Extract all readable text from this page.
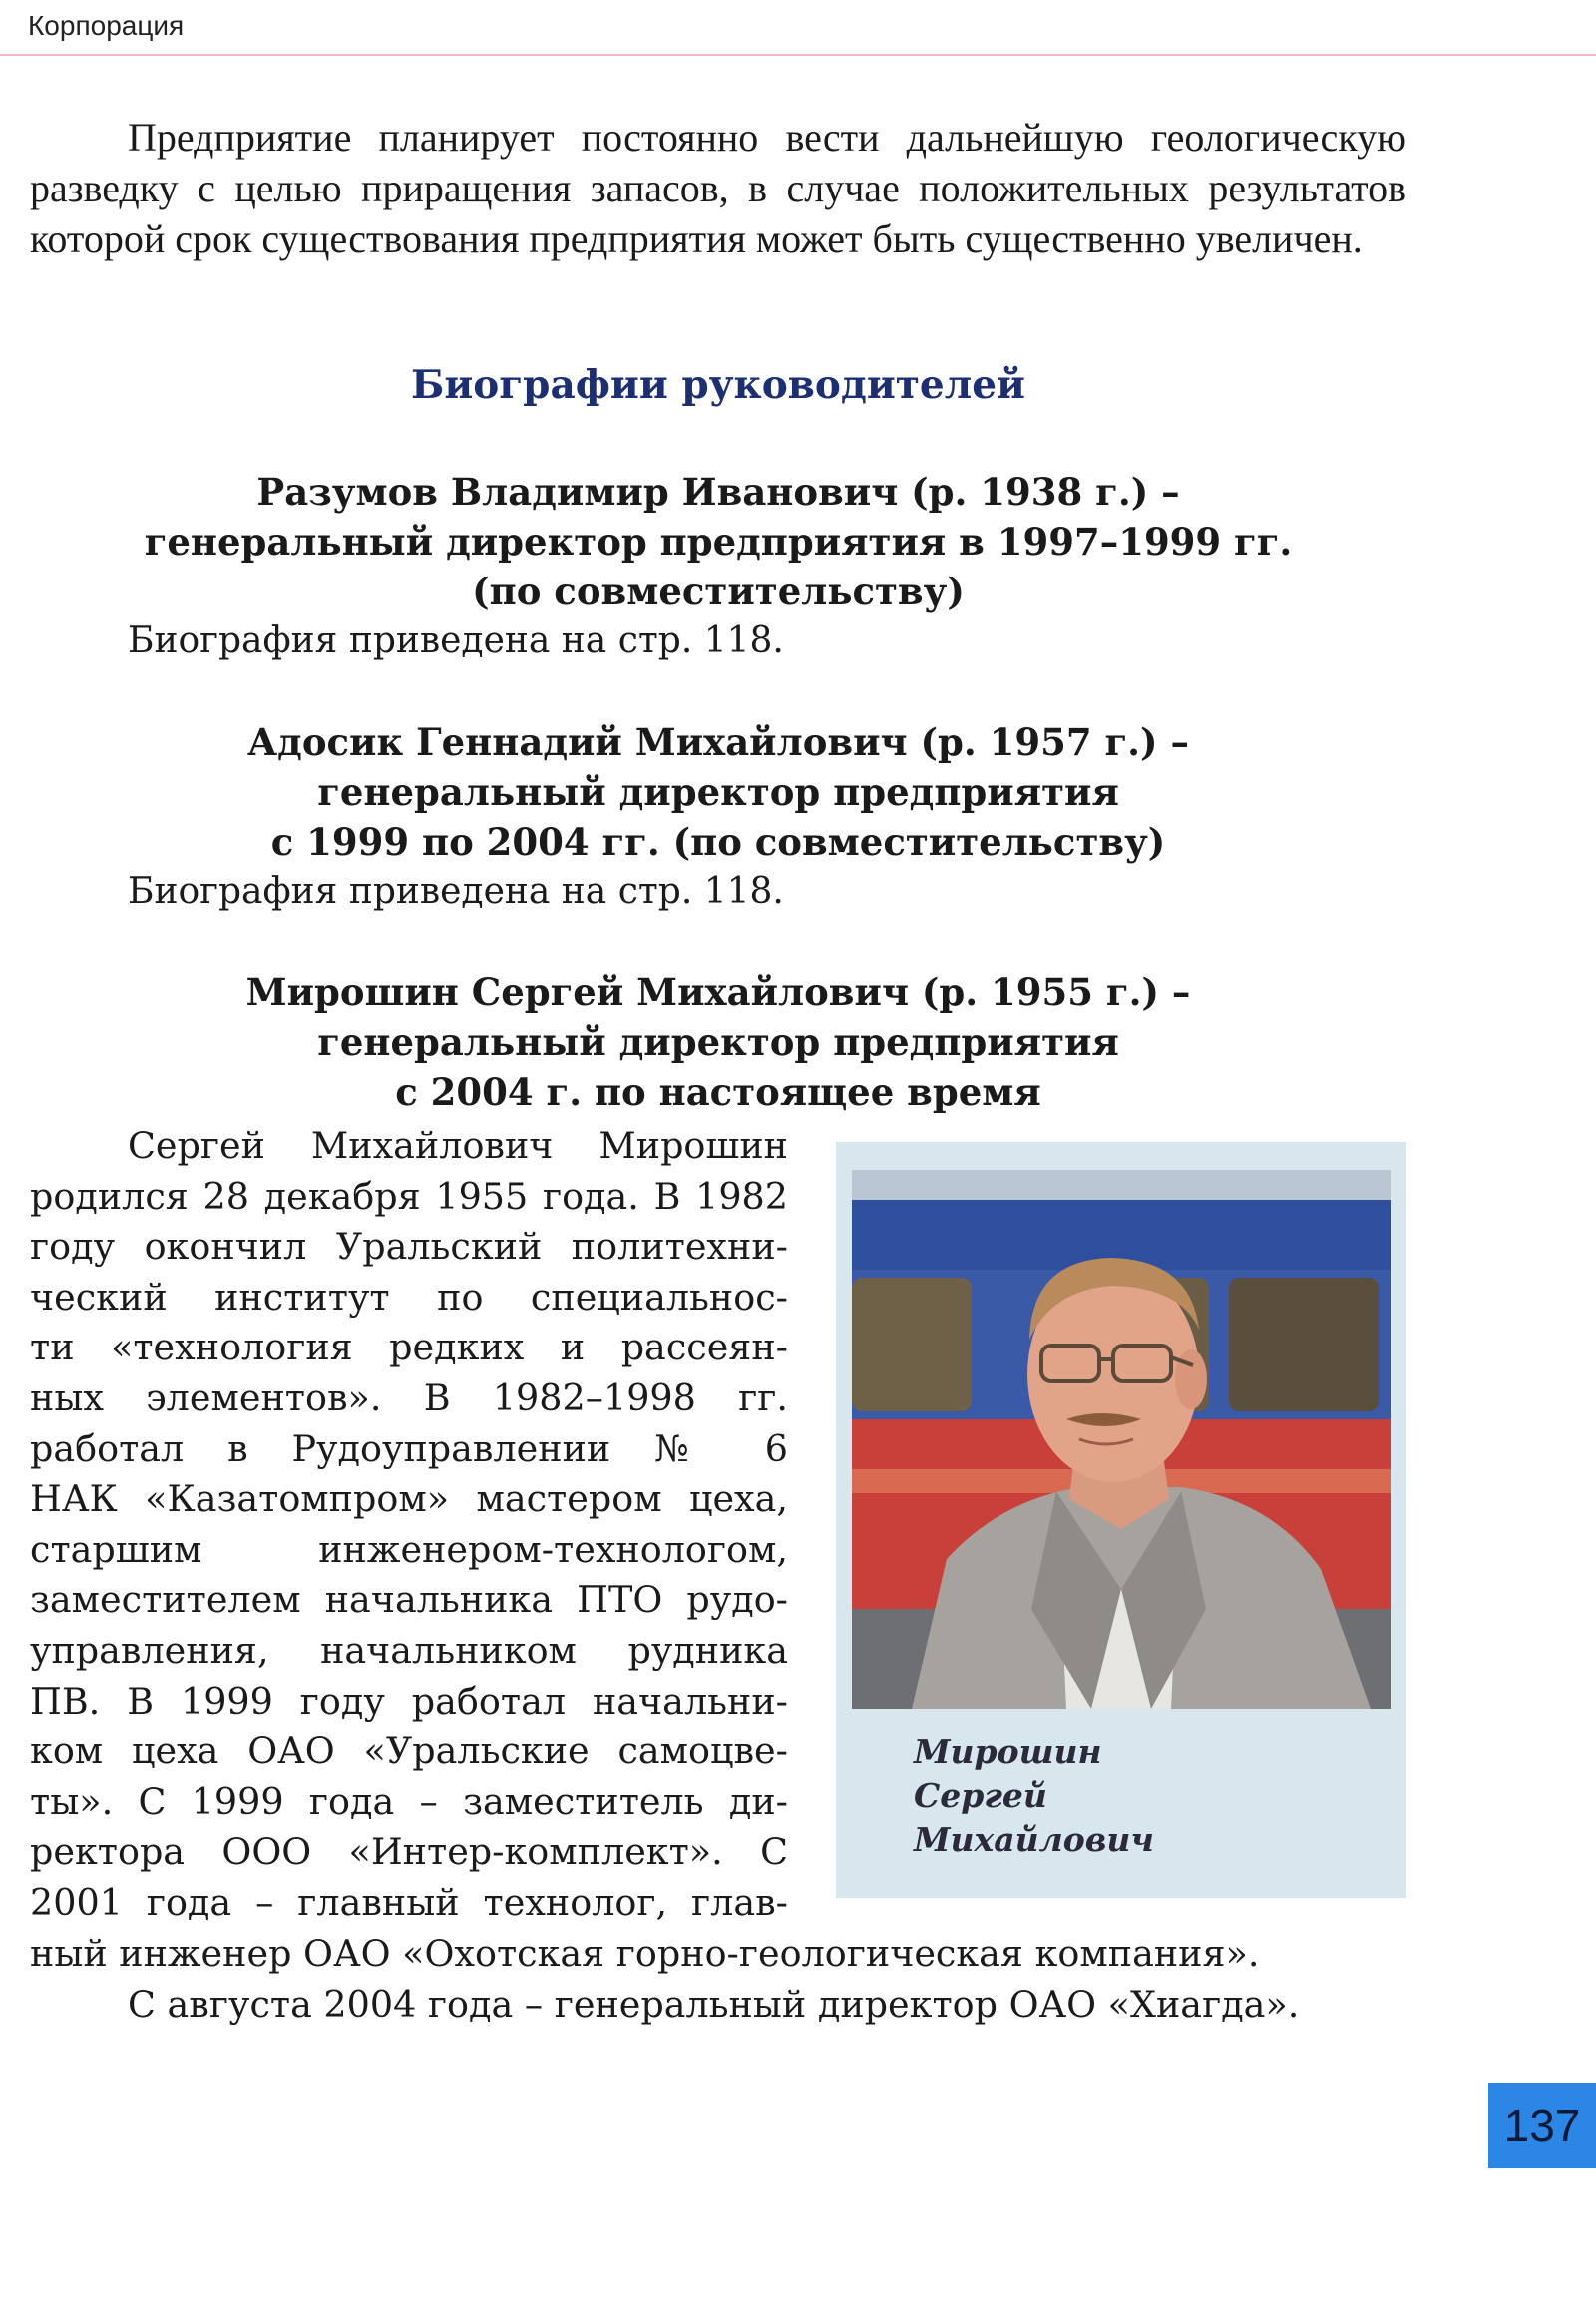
Корпорация

Предприятие планирует постоянно вести дальнейшую геологическую разведку с целью приращения запасов, в случае положительных результатов которой срок существования предприятия может быть существенно увеличен.

Биографии руководителей
Разумов Владимир Иванович (р. 1938 г.) –
генеральный директор предприятия в 1997–1999 гг.
(по совместительству)

Биография приведена на стр. 118.

Адосик Геннадий Михайлович (р. 1957 г.) –
генеральный директор предприятия
с 1999 по 2004 гг. (по совместительству)

Биография приведена на стр. 118.

Мирошин Сергей Михайлович (р. 1955 г.) –
генеральный директор предприятия
с 2004 г. по настоящее время
Сергей Михайлович Мирошин
родился 28 декабря 1955 года. В 1982
году окончил Уральский политехни-
ческий институт по специальнос-
ти «технология редких и рассеян-
ных элементов». В 1982–1998 гг.
работал в Рудоуправлении № 6
НАК «Казатомпром» мастером цеха,
старшим инженером-технологом,
заместителем начальника ПТО рудо-
управления, начальником рудника
ПВ. В 1999 году работал начальни-
ком цеха ОАО «Уральские самоцве-
ты». С 1999 года – заместитель ди-
ректора ООО «Интер-комплект». С
2001 года – главный технолог, глав-
ный инженер ОАО «Охотская горно-геологическая компания».
С августа 2004 года – генеральный директор ОАО «Хиагда».
Мирошин
Сергей
Михайлович
137
